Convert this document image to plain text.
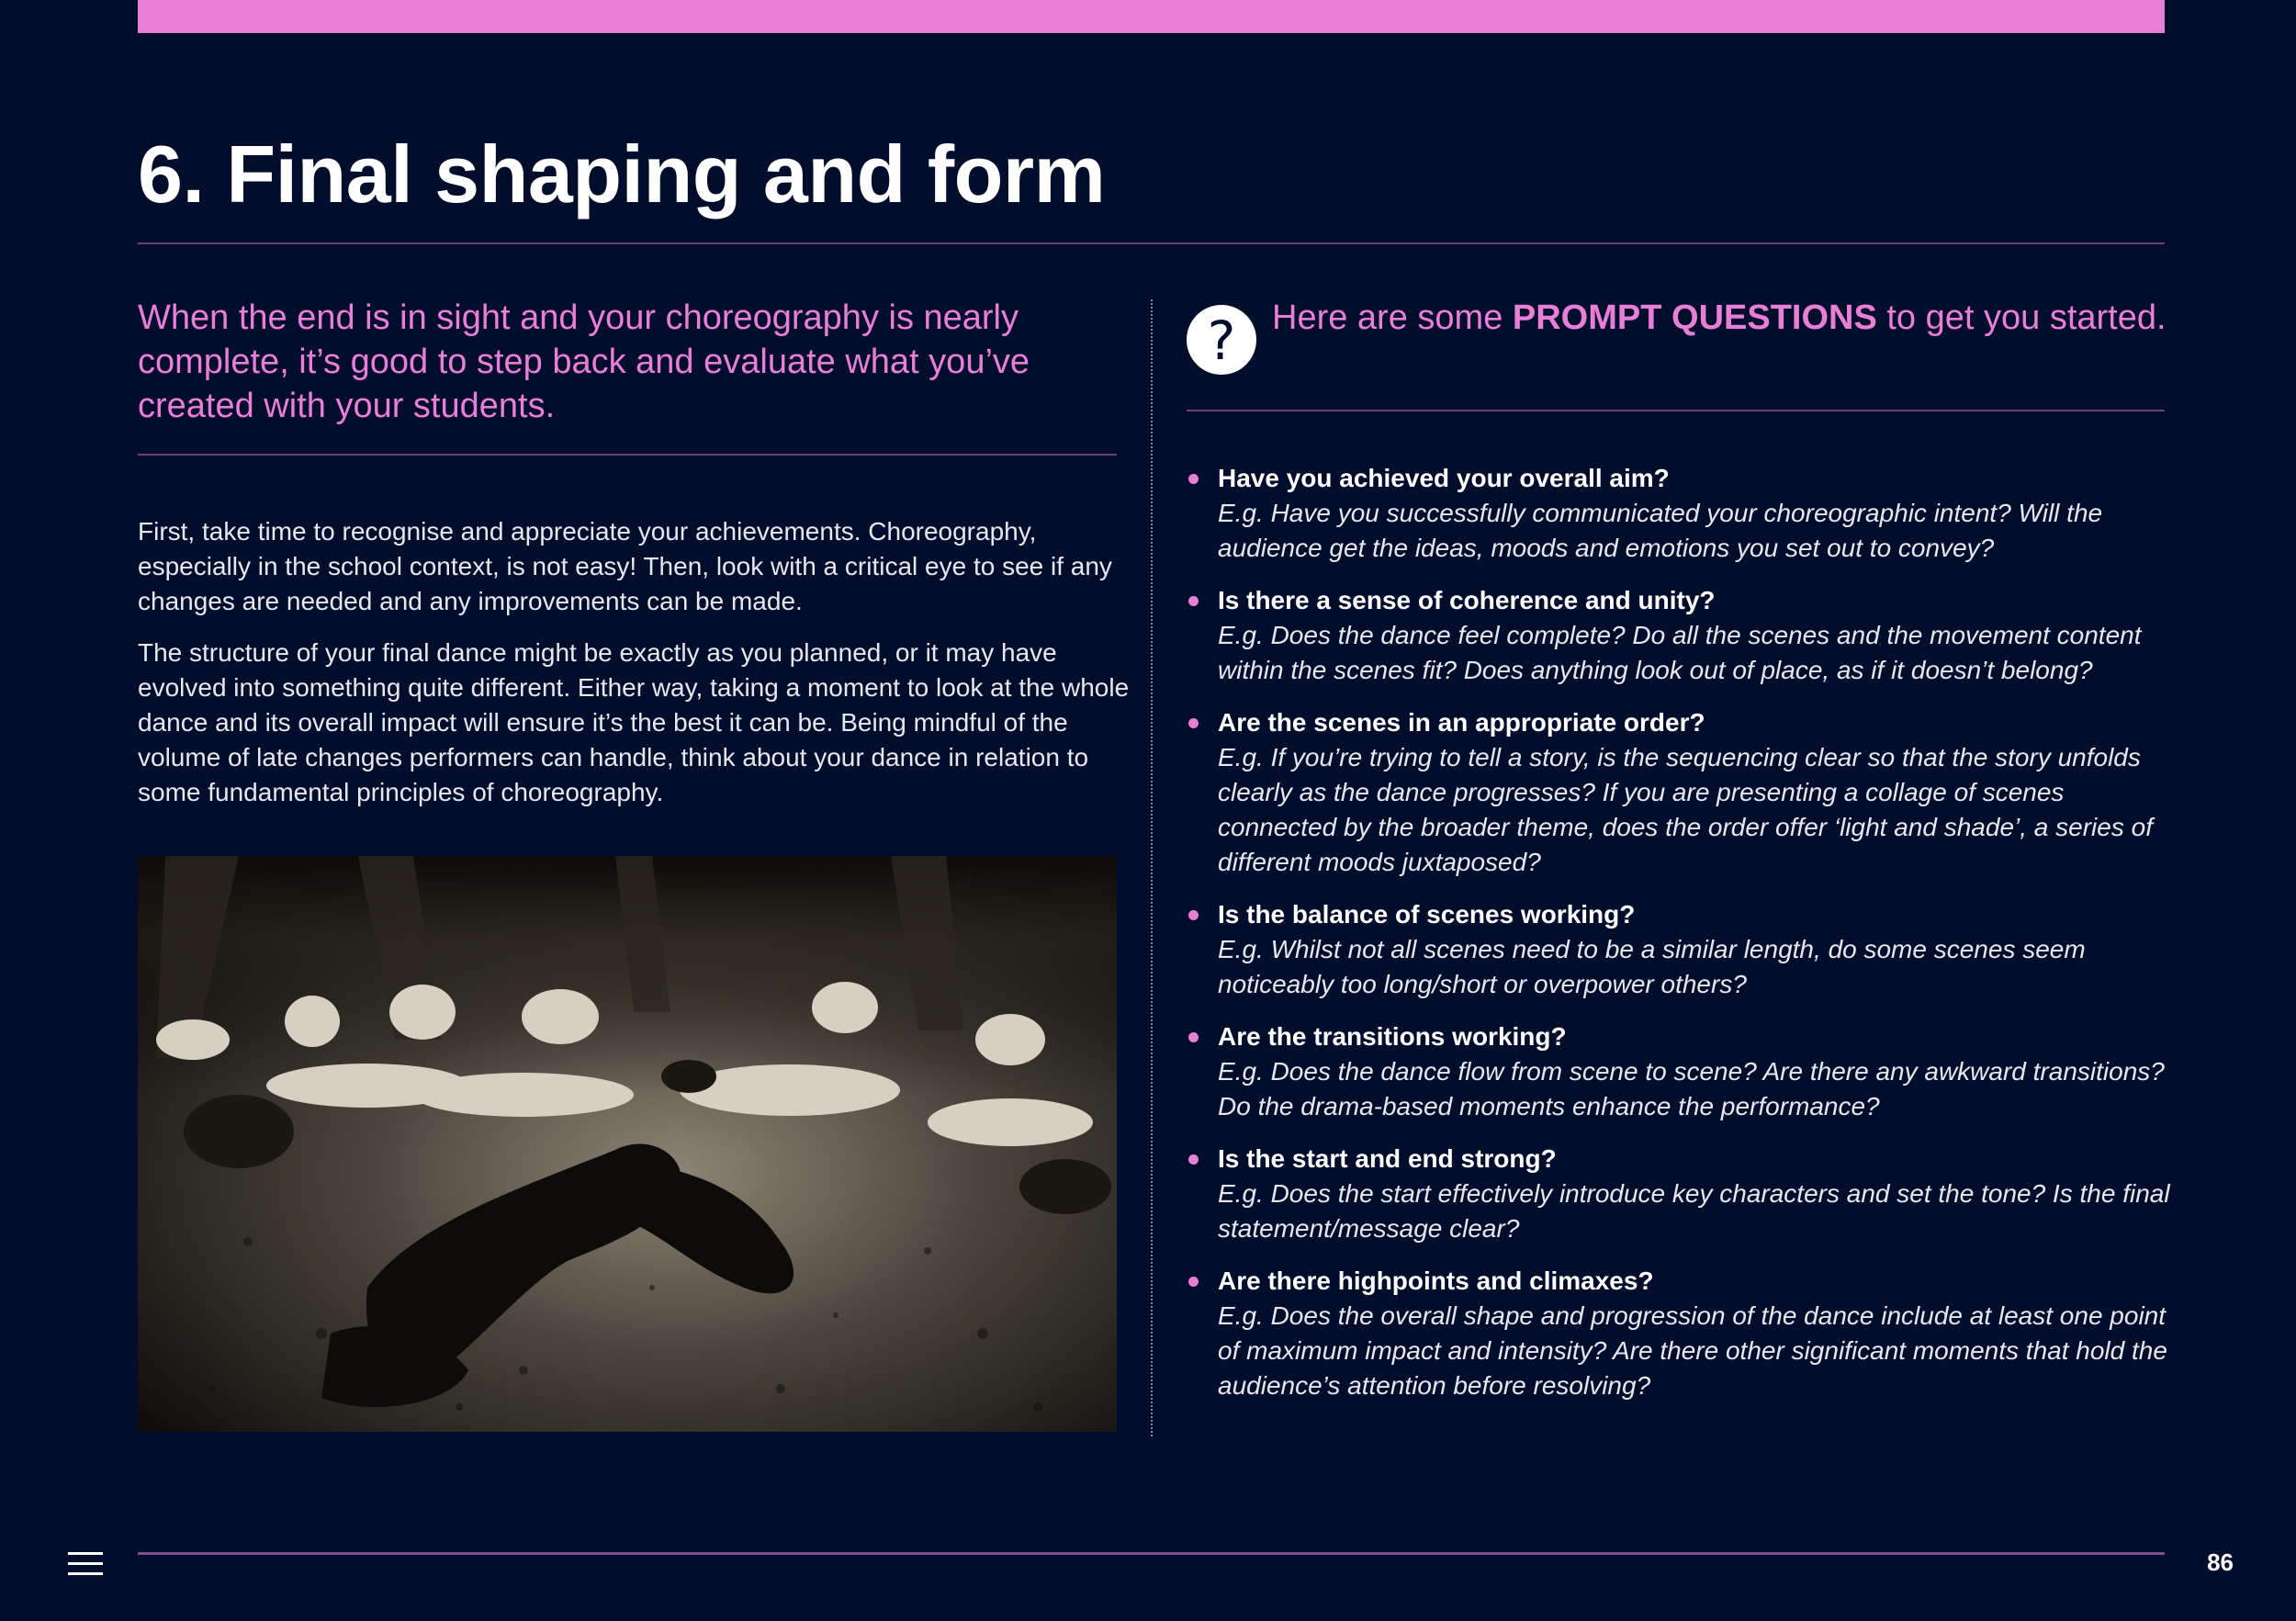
6. Final shaping and form

When the end is in sight and your choreography is nearly complete, it’s good to step back and evaluate what you’ve created with your students.

First, take time to recognise and appreciate your achievements. Choreography, especially in the school context, is not easy! Then, look with a critical eye to see if any changes are needed and any improvements can be made.

The structure of your final dance might be exactly as you planned, or it may have evolved into something quite different. Either way, taking a moment to look at the whole dance and its overall impact will ensure it’s the best it can be. Being mindful of the volume of late changes performers can handle, think about your dance in relation to some fundamental principles of choreography.

?	Here are some PROMPT QUESTIONS to get you started.

Have you achieved your overall aim?
E.g. Have you successfully communicated your choreographic intent? Will the audience get the ideas, moods and emotions you set out to convey?
Is there a sense of coherence and unity?
E.g. Does the dance feel complete? Do all the scenes and the movement content within the scenes fit? Does anything look out of place, as if it doesn’t belong?
Are the scenes in an appropriate order?
E.g. If you’re trying to tell a story, is the sequencing clear so that the story unfolds clearly as the dance progresses? If you are presenting a collage of scenes connected by the broader theme, does the order offer ‘light and shade’, a series of different moods juxtaposed?
Is the balance of scenes working?
E.g. Whilst not all scenes need to be a similar length, do some scenes seem noticeably too long/short or overpower others?
Are the transitions working?
E.g. Does the dance flow from scene to scene? Are there any awkward transitions? Do the drama-based moments enhance the performance?
Is the start and end strong?
E.g. Does the start effectively introduce key characters and set the tone? Is the final statement/message clear?
Are there highpoints and climaxes?
E.g. Does the overall shape and progression of the dance include at least one point of maximum impact and intensity? Are there other significant moments that hold the audience’s attention before resolving?
86
